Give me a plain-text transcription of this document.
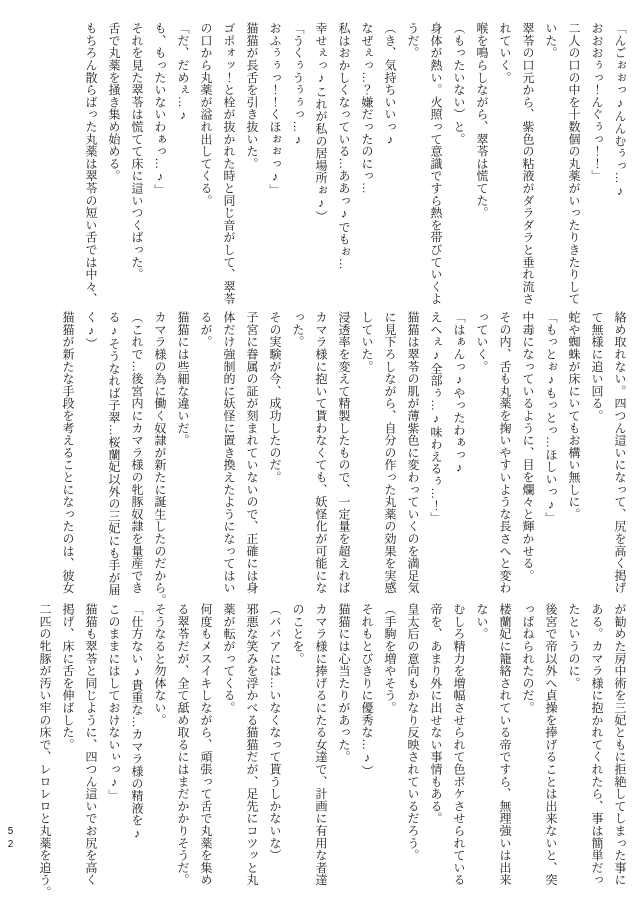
「んごぉぉっ♪んんむぅっ…♪

おおおぅっ！んぐぅっ！！」

二人の口の中を十数個の丸薬がいったりきたりして

いた。

翠苓の口元から、紫色の粘液がダラダラと垂れ流さ

れていく。

喉を鳴らしながら、翠苓は慌てた。

（もったいない）と。

身体が熱い。火照って意識ですら熱を帯びていくよ

うだ。

（き、気持ちいいっ♪

なぜぇっ…？嫌だったのにっ…

私はおかしくなっている…ああっ♪でもぉ…

幸せぇっ♪これが私の居場所ぉ♪）

「うくぅうぅぅっ…♪

おふぅぅっ！！くほぉぉっ♪」

猫猫が長舌を引き抜いた。

ゴポォッ！と栓が抜かれた時と同じ音がして、翠苓

の口から丸薬が溢れ出してくる。

「だ、だめぇ…♪

も、もったいないわぁっ…♪」

それを見た翠苓は慌てて床に這いつくばった。

舌で丸薬を掻き集め始める。

もちろん散らばった丸薬は翠苓の短い舌では中々、

絡め取れない。四つん這いになって、尻を高く掲げ

て無様に追い回る。

蛇や蜘蛛が床にいてもお構い無しに。

「もっとぉ♪もっとっ…ほしいっ♪」

中毒になっているように、目を爛々と輝かせる。

その内、舌も丸薬を掬いやすいような長さへと変わ

っていく。

「はぁんっ♪やったわぁっ♪

えへぇ♪全部ぅ…♪味わえるぅ…！」

猫猫は翠苓の肌が薄紫色に変わっていくのを満足気

に見下ろしながら、自分の作った丸薬の効果を実感

していた。

浸透率を変えて精製したもので、一定量を超えれば

カマラ様に抱いて貰わなくても、妖怪化が可能にな

った。

その実験が今、成功したのだ。

子宮に眷属の証が刻まれていないので、正確には身

体だけ強制的に妖怪に置き換えたようになってはい

るが。

猫猫には些細な違いだ。

カマラ様の為に働く奴隷が新たに誕生したのだから。

（これで…後宮内にカマラ様の牝豚奴隷を量産でき

る♪そうなれば子翠…桜蘭妃以外の三妃にも手が届

く♪）

猫猫が新たな手段を考えることになったのは、彼女

が勧めた房中術を三妃ともに拒絶してしまった事に

ある。カマラ様に抱かれてくれたら、事は簡単だっ

たというのに。

後宮で帝以外へ貞操を捧げることは出来ないと、突

っぱねられたのだ。

楼蘭妃に籠絡されている帝ですら、無理強いは出来

ない。

むしろ精力を増幅させられて色ボケさせられている

帝を、あまり外に出せない事情もある。

皇太后の意向もかなり反映されているだろう。

（手駒を増やそう。

それもとびきりに優秀な…♪）

猫猫には心当たりがあった。

カマラ様に捧げるにたる女達で、計画に有用な者達

のことを。

（ババアには…いなくなって貰うしかないな）

邪悪な笑みを浮かべる猫猫だが、足先にコツッと丸

薬が転がってくる。

何度もメスイキしながら、頑張って舌で丸薬を集め

る翠苓だが、全て舐め取るにはまだかかりそうだ。

そうなると勿体ない。

「仕方ない♪貴重な…カマラ様の精液を♪

このままにはしておけないぃっ♪」

猫猫も翠苓と同じように、四つん這いでお尻を高く

掲げ、床に舌を伸ばした。

二匹の牝豚が汚い牢の床で、レロレロと丸薬を追う。

52
